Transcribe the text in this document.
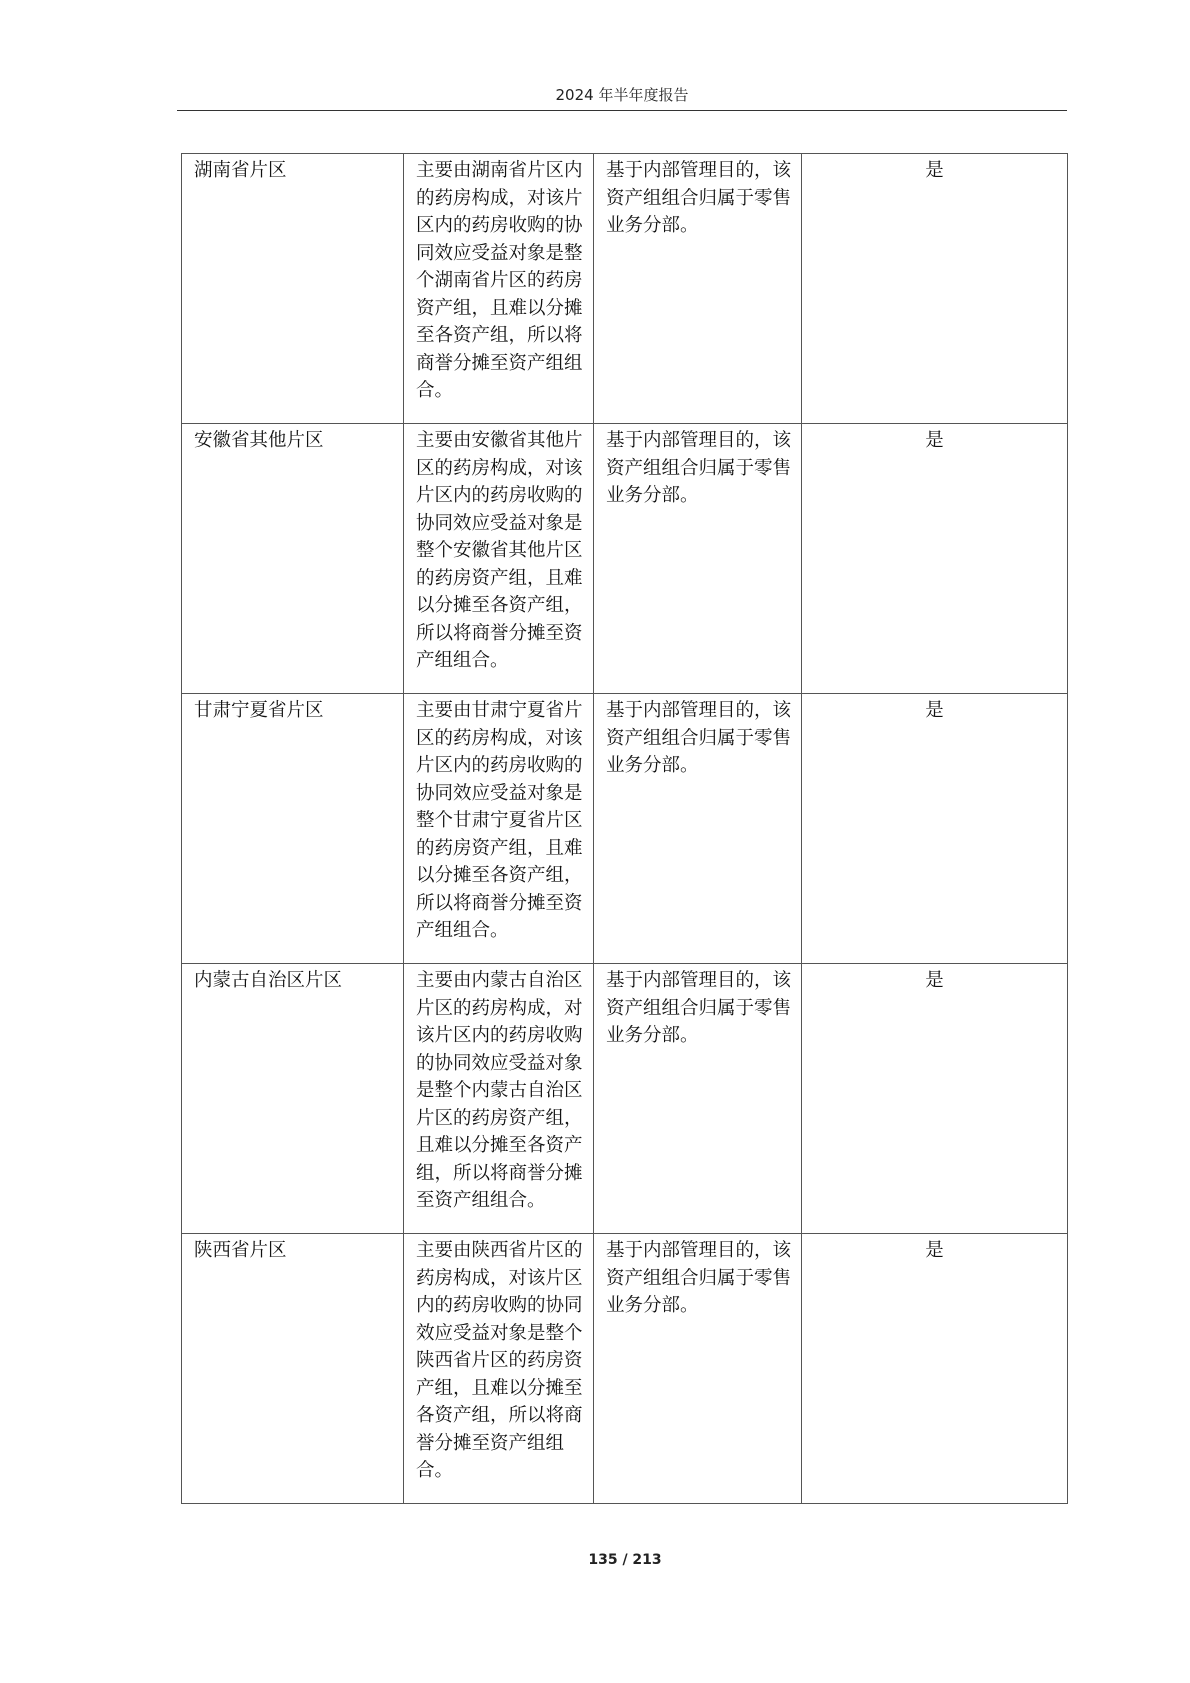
2024 年半年度报告
湖南省片区	主要由湖南省片区内的药房构成，对该片区内的药房收购的协同效应受益对象是整个湖南省片区的药房资产组，且难以分摊至各资产组，所以将商誉分摊至资产组组合。	基于内部管理目的，该资产组组合归属于零售业务分部。	是
安徽省其他片区	主要由安徽省其他片区的药房构成，对该片区内的药房收购的协同效应受益对象是整个安徽省其他片区的药房资产组，且难以分摊至各资产组，所以将商誉分摊至资产组组合。	基于内部管理目的，该资产组组合归属于零售业务分部。	是
甘肃宁夏省片区	主要由甘肃宁夏省片区的药房构成，对该片区内的药房收购的协同效应受益对象是整个甘肃宁夏省片区的药房资产组，且难以分摊至各资产组，所以将商誉分摊至资产组组合。	基于内部管理目的，该资产组组合归属于零售业务分部。	是
内蒙古自治区片区	主要由内蒙古自治区片区的药房构成，对该片区内的药房收购的协同效应受益对象是整个内蒙古自治区片区的药房资产组，且难以分摊至各资产组，所以将商誉分摊至资产组组合。	基于内部管理目的，该资产组组合归属于零售业务分部。	是
陕西省片区	主要由陕西省片区的药房构成，对该片区内的药房收购的协同效应受益对象是整个陕西省片区的药房资产组，且难以分摊至各资产组，所以将商誉分摊至资产组组合。	基于内部管理目的，该资产组组合归属于零售业务分部。	是
135 / 213
